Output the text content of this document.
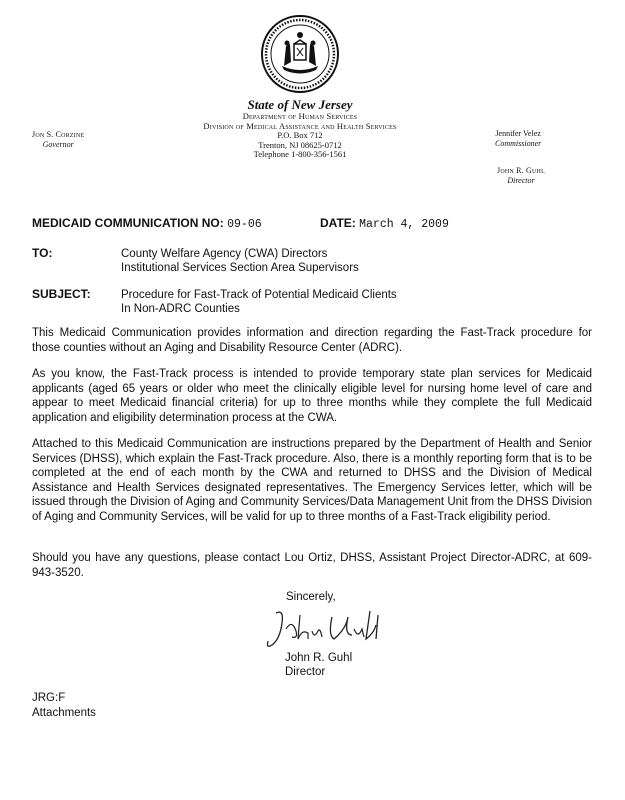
State of New Jersey
Department of Human Services
Division of Medical Assistance and Health Services
P.O. Box 712
Trenton, NJ 08625-0712
Telephone 1-800-356-1561
Jon S. Corzine
Governor
Jennifer Velez
Commissioner
John R. Guhl
Director
MEDICAID COMMUNICATION NO: 09-06	DATE: March 4, 2009
TO:	County Welfare Agency (CWA) Directors
Institutional Services Section Area Supervisors
SUBJECT:	Procedure for Fast-Track of Potential Medicaid Clients
In Non-ADRC Counties
This Medicaid Communication provides information and direction regarding the Fast-Track procedure for those counties without an Aging and Disability Resource Center (ADRC).
As you know, the Fast-Track process is intended to provide temporary state plan services for Medicaid applicants (aged 65 years or older who meet the clinically eligible level for nursing home level of care and appear to meet Medicaid financial criteria) for up to three months while they complete the full Medicaid application and eligibility determination process at the CWA.
Attached to this Medicaid Communication are instructions prepared by the Department of Health and Senior Services (DHSS), which explain the Fast-Track procedure. Also, there is a monthly reporting form that is to be completed at the end of each month by the CWA and returned to DHSS and the Division of Medical Assistance and Health Services designated representatives. The Emergency Services letter, which will be issued through the Division of Aging and Community Services/Data Management Unit from the DHSS Division of Aging and Community Services, will be valid for up to three months of a Fast-Track eligibility period.
Should you have any questions, please contact Lou Ortiz, DHSS, Assistant Project Director-ADRC, at 609-943-3520.
Sincerely,
John R. Guhl
Director
JRG:F
Attachments
